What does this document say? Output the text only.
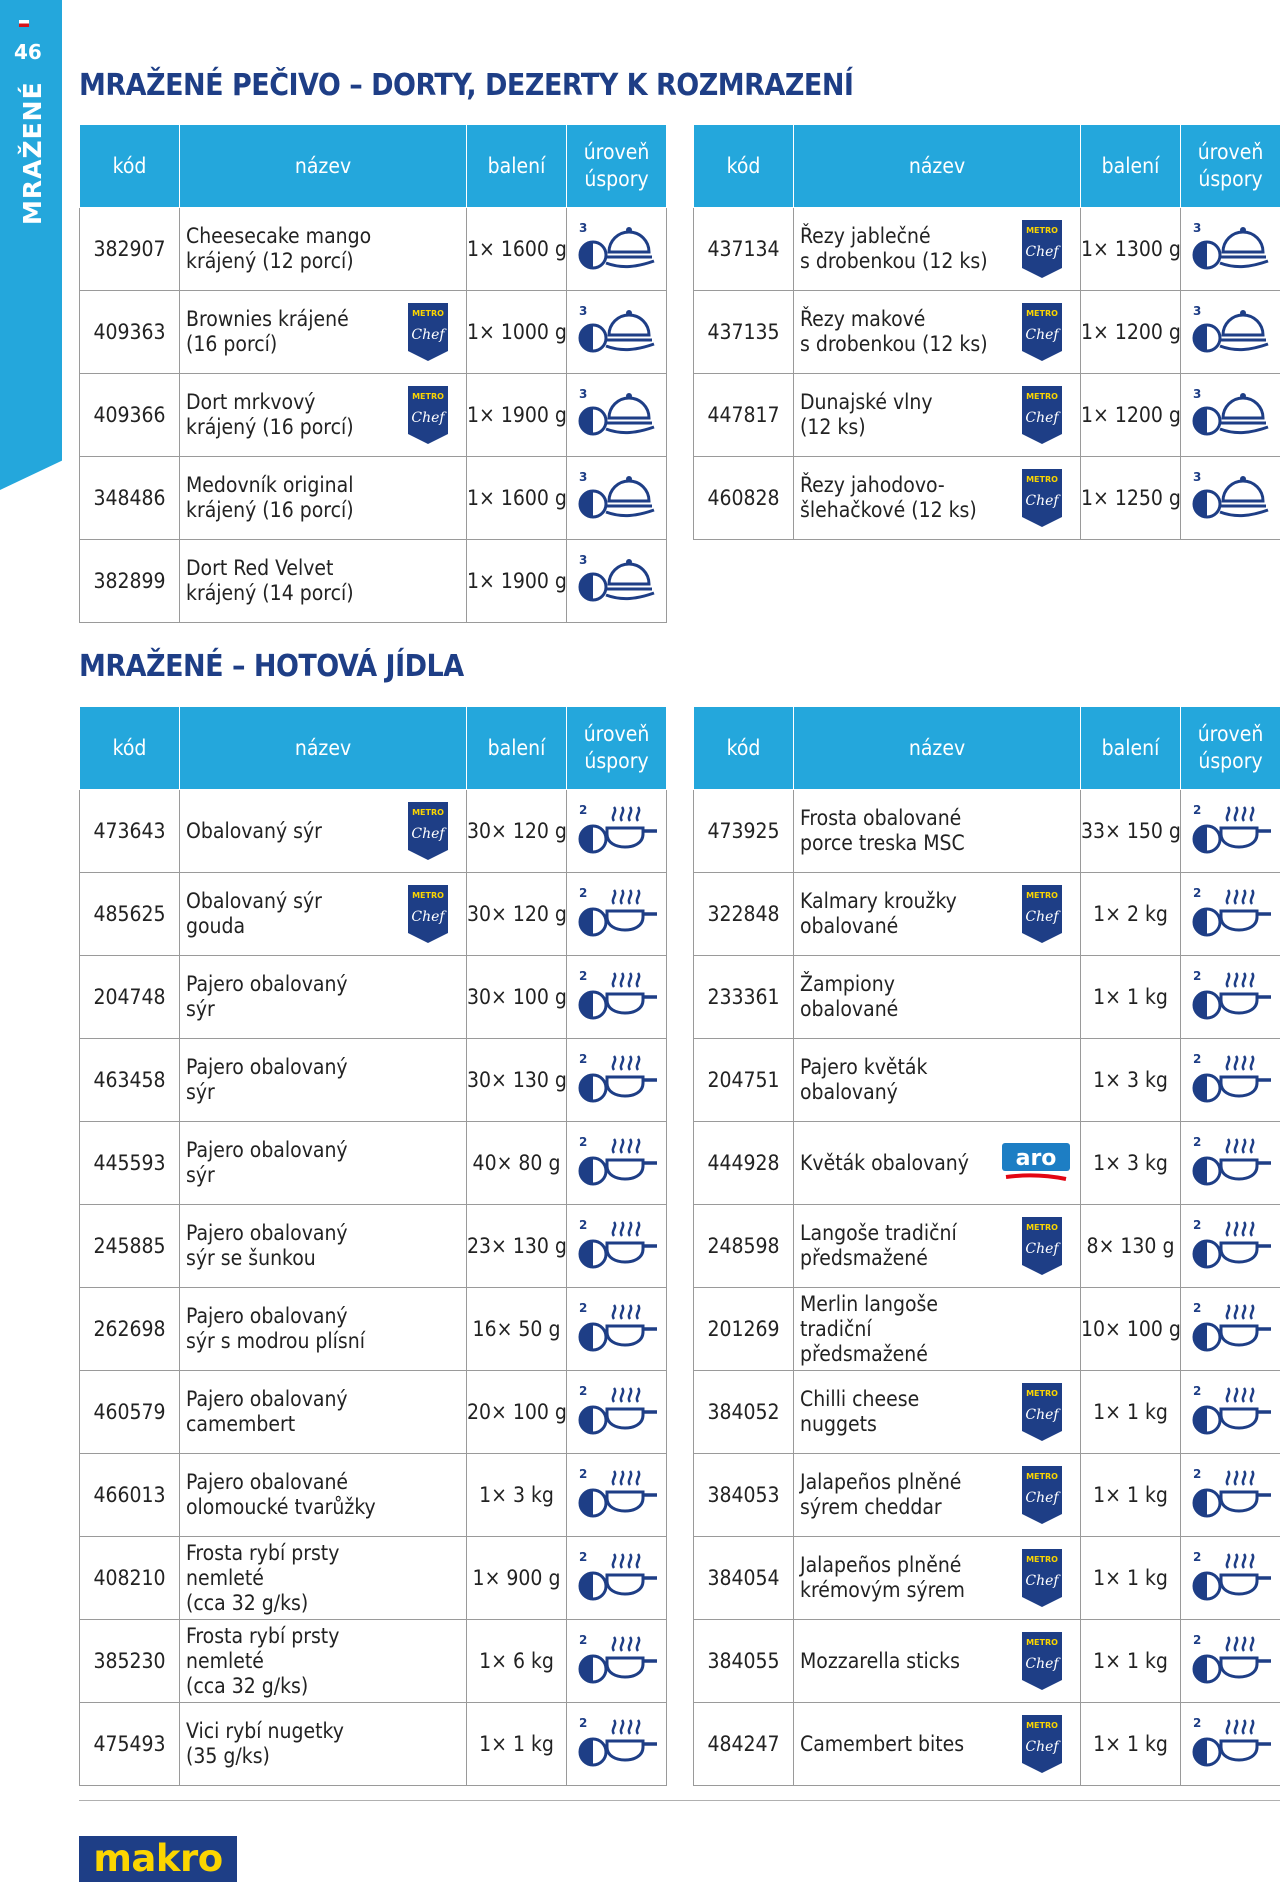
46
MRAŽENÉ MRAŽENÉ PEČIVO – DORTY, DEZERTY K ROZMRAZENÍ
kód	název	balení	úroveň
úspory
382907	Cheesecake mango
krájený (12 porcí)	1× 1600 g	3

409363	Brownies krájené
(16 porcí)
METRO
Chef	1× 1000 g	3

409366	Dort mrkvový
krájený (16 porcí)
METRO
Chef	1× 1900 g	3

348486	Medovník original
krájený (16 porcí)	1× 1600 g	3

382899	Dort Red Velvet
krájený (14 porcí)	1× 1900 g	3
kód	název	balení	úroveň
úspory
437134	Řezy jablečné
s drobenkou (12 ks)
METRO
Chef	1× 1300 g	3

437135	Řezy makové
s drobenkou (12 ks)
METRO
Chef	1× 1200 g	3

447817	Dunajské vlny
(12 ks)
METRO
Chef	1× 1200 g	3

460828	Řezy jahodovo-
šlehačkové (12 ks)
METRO
Chef	1× 1250 g	3
MRAŽENÉ – HOTOVÁ JÍDLA
kód	název	balení	úroveň
úspory
473643	Obalovaný sýr
METRO
Chef	30× 120 g	2

485625	Obalovaný sýr
gouda
METRO
Chef	30× 120 g	2

204748	Pajero obalovaný
sýr	30× 100 g	2

463458	Pajero obalovaný
sýr	30× 130 g	2

445593	Pajero obalovaný
sýr	40× 80 g	2

245885	Pajero obalovaný
sýr se šunkou	23× 130 g	2

262698	Pajero obalovaný
sýr s modrou plísní	16× 50 g	2

460579	Pajero obalovaný
camembert	20× 100 g	2

466013	Pajero obalované
olomoucké tvarůžky	1× 3 kg	2

408210	Frosta rybí prsty
nemleté
(cca 32 g/ks)	1× 900 g	2

385230	Frosta rybí prsty
nemleté
(cca 32 g/ks)	1× 6 kg	2

475493	Vici rybí nugetky
(35 g/ks)	1× 1 kg	2
kód	název	balení	úroveň
úspory
473925	Frosta obalované
porce treska MSC	33× 150 g	2

322848	Kalmary kroužky
obalované
METRO
Chef	1× 2 kg	2

233361	Žampiony
obalované	1× 1 kg	2

204751	Pajero květák
obalovaný	1× 3 kg	2

444928	Květák obalovaný aro	1× 3 kg	2

248598	Langoše tradiční
předsmažené
METRO
Chef	8× 130 g	2

201269	Merlin langoše
tradiční
předsmažené	10× 100 g	2

384052	Chilli cheese
nuggets
METRO
Chef	1× 1 kg	2

384053	Jalapeños plněné
sýrem cheddar
METRO
Chef	1× 1 kg	2

384054	Jalapeños plněné
krémovým sýrem
METRO
Chef	1× 1 kg	2

384055	Mozzarella sticks
METRO
Chef	1× 1 kg	2

484247	Camembert bites
METRO
Chef	1× 1 kg	2
makro
